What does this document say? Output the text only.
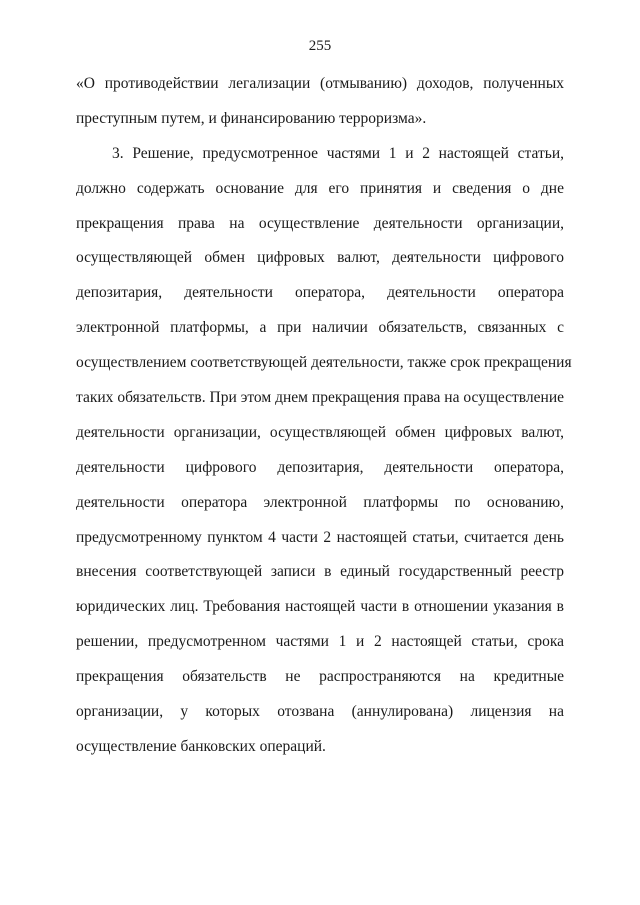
255
«О противодействии легализации (отмыванию) доходов, полученных
преступным путем, и финансированию терроризма».
3. Решение, предусмотренное частями 1 и 2 настоящей статьи,
должно содержать основание для его принятия и сведения о дне
прекращения права на осуществление деятельности организации,
осуществляющей обмен цифровых валют, деятельности цифрового
депозитария, деятельности оператора, деятельности оператора
электронной платформы, а при наличии обязательств, связанных с
осуществлением соответствующей деятельности, также срок прекращения
таких обязательств. При этом днем прекращения права на осуществление
деятельности организации, осуществляющей обмен цифровых валют,
деятельности цифрового депозитария, деятельности оператора,
деятельности оператора электронной платформы по основанию,
предусмотренному пунктом 4 части 2 настоящей статьи, считается день
внесения соответствующей записи в единый государственный реестр
юридических лиц. Требования настоящей части в отношении указания в
решении, предусмотренном частями 1 и 2 настоящей статьи, срока
прекращения обязательств не распространяются на кредитные
организации, у которых отозвана (аннулирована) лицензия на
осуществление банковских операций.
